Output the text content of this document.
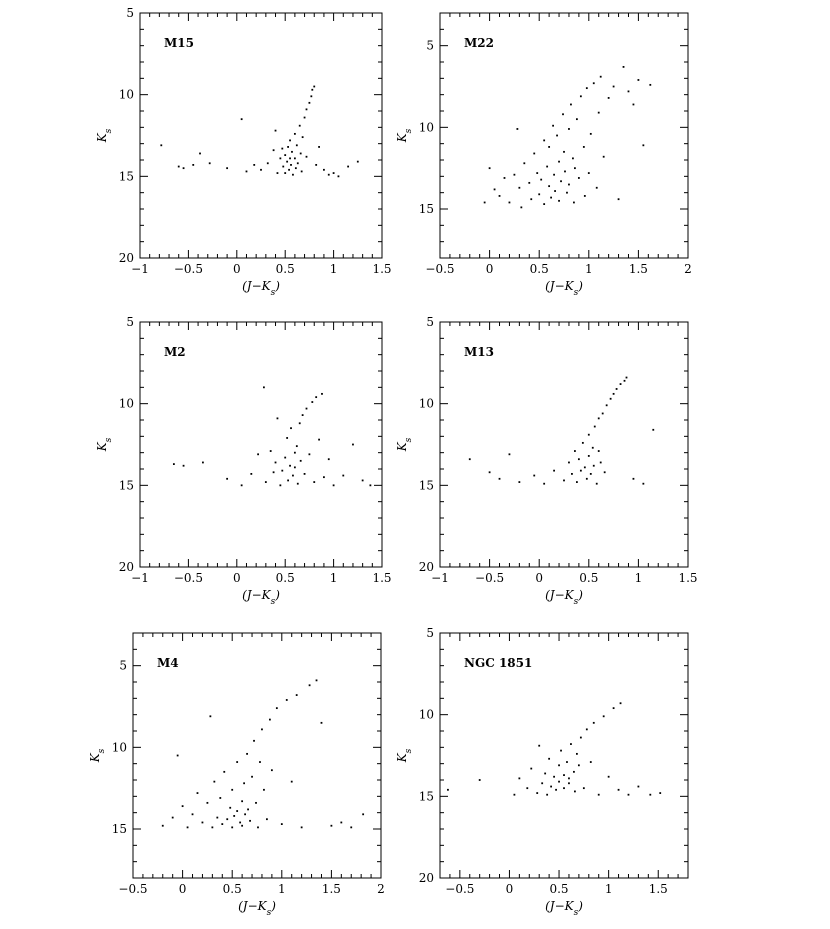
−1 −0.5	0	0.5	1	1.5
5
10
15
20
$(J-K_s)$
$K_s$
M15
−0.5	0	0.5	1	1.5	2
5
10
15
$(J-K_s)$
$K_s$
M22
−1 −0.5	0	0.5	1	1.5
5
10
15
20
$(J-K_s)$
$K_s$
M2
−1 −0.5	0	0.5	1	1.5
5
10
15
20
$(J-K_s)$
$K_s$
M13
−0.5	0	0.5	1	1.5	2
5
10
15
$(J-K_s)$
$K_s$
M4
−0.5	0	0.5	1	1.5
5
10
15
20
$(J-K_s)$
$K_s$
NGC 1851
